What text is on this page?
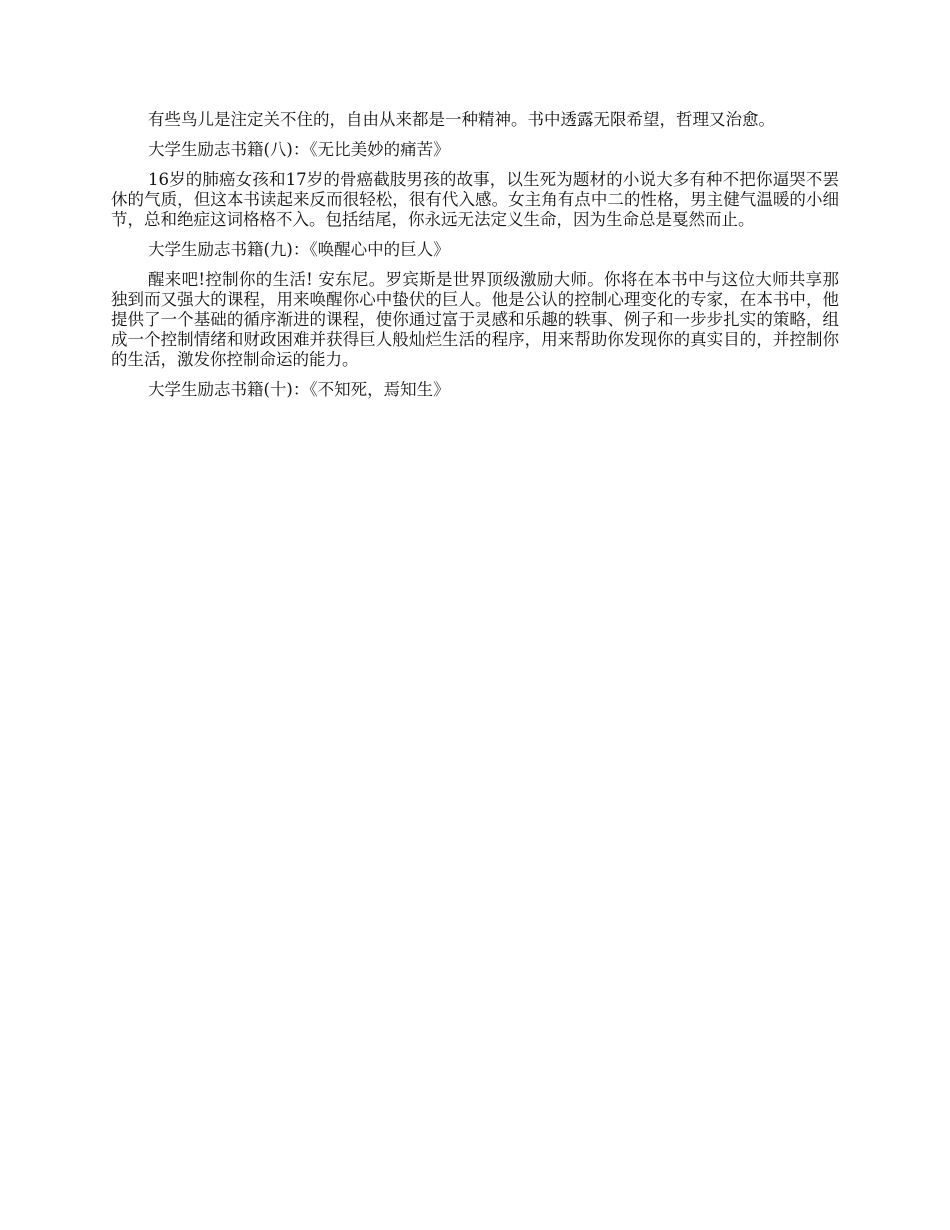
有些鸟儿是注定关不住的，自由从来都是一种精神。书中透露无限希望，哲理又治愈。

大学生励志书籍(八)：《无比美妙的痛苦》

16岁的肺癌女孩和17岁的骨癌截肢男孩的故事，以生死为题材的小说大多有种不把你逼哭不罢休的气质，但这本书读起来反而很轻松，很有代入感。女主角有点中二的性格，男主健气温暖的小细节，总和绝症这词格格不入。包括结尾，你永远无法定义生命，因为生命总是戛然而止。

大学生励志书籍(九)：《唤醒心中的巨人》

醒来吧!控制你的生活! 安东尼。罗宾斯是世界顶级激励大师。你将在本书中与这位大师共享那独到而又强大的课程，用来唤醒你心中蛰伏的巨人。他是公认的控制心理变化的专家，在本书中，他提供了一个基础的循序渐进的课程，使你通过富于灵感和乐趣的轶事、例子和一步步扎实的策略，组成一个控制情绪和财政困难并获得巨人般灿烂生活的程序，用来帮助你发现你的真实目的，并控制你的生活，激发你控制命运的能力。

大学生励志书籍(十)：《不知死，焉知生》
